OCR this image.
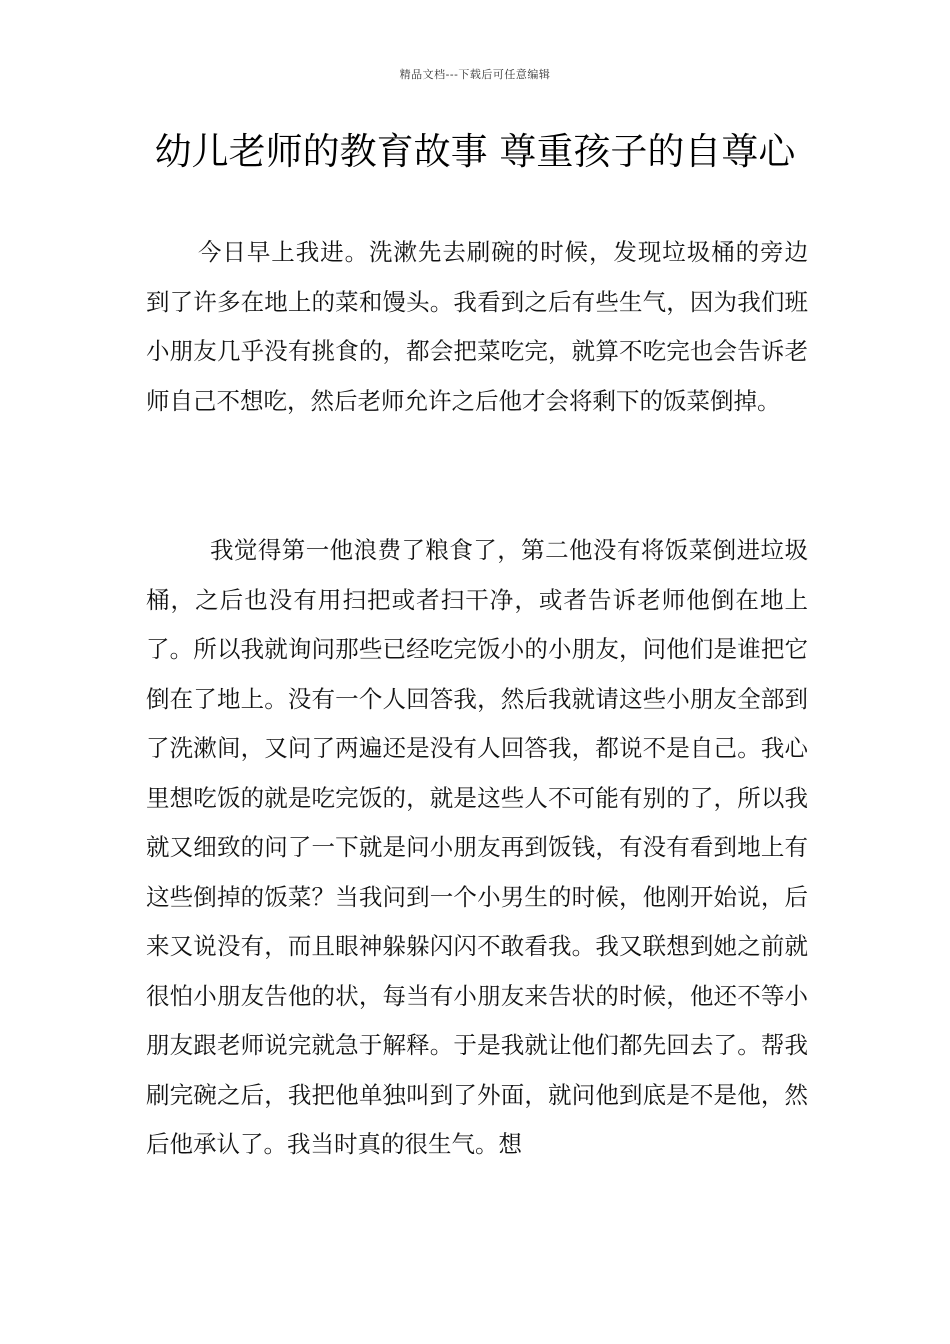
精品文档---下载后可任意编辑
幼儿老师的教育故事 尊重孩子的自尊心

今日早上我进。洗漱先去刷碗的时候，发现垃圾桶的旁边到了许多在地上的菜和馒头。我看到之后有些生气，因为我们班小朋友几乎没有挑食的，都会把菜吃完，就算不吃完也会告诉老师自己不想吃，然后老师允许之后他才会将剩下的饭菜倒掉。

我觉得第一他浪费了粮食了，第二他没有将饭菜倒进垃圾桶，之后也没有用扫把或者扫干净，或者告诉老师他倒在地上了。所以我就询问那些已经吃完饭小的小朋友，问他们是谁把它倒在了地上。没有一个人回答我，然后我就请这些小朋友全部到了洗漱间，又问了两遍还是没有人回答我，都说不是自己。我心里想吃饭的就是吃完饭的，就是这些人不可能有别的了，所以我就又细致的问了一下就是问小朋友再到饭钱，有没有看到地上有这些倒掉的饭菜？当我问到一个小男生的时候，他刚开始说，后来又说没有，而且眼神躲躲闪闪不敢看我。我又联想到她之前就很怕小朋友告他的状，每当有小朋友来告状的时候，他还不等小朋友跟老师说完就急于解释。于是我就让他们都先回去了。帮我刷完碗之后，我把他单独叫到了外面，就问他到底是不是他，然后他承认了。我当时真的很生气。想
